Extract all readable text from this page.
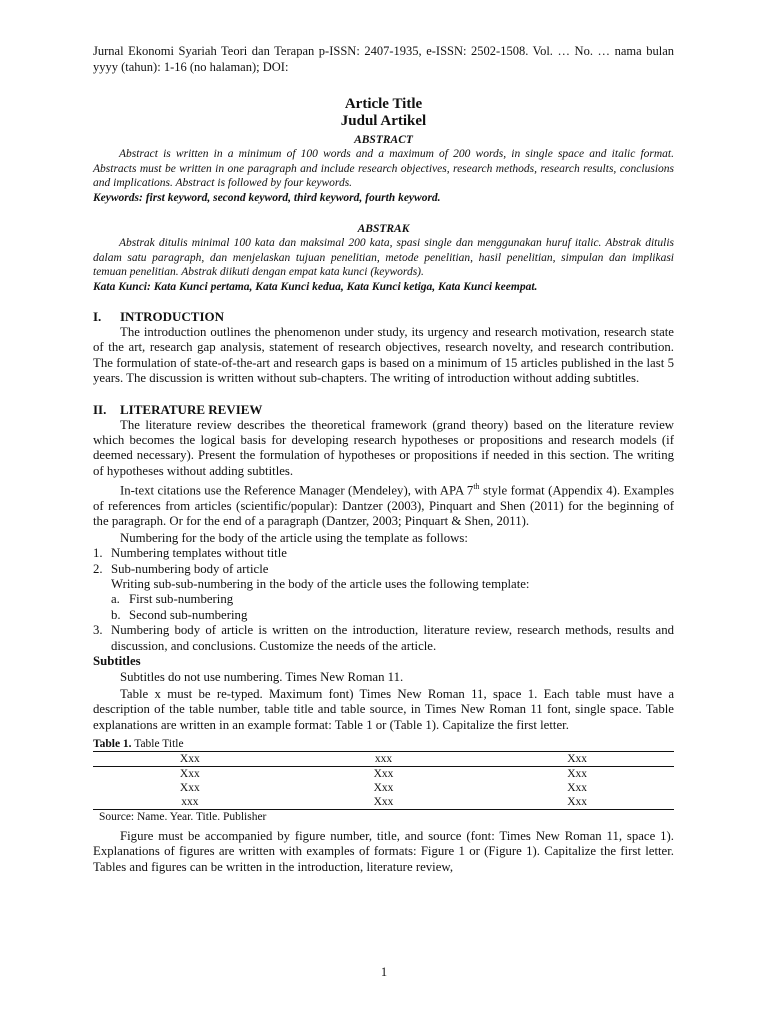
Jurnal Ekonomi Syariah Teori dan Terapan p-ISSN: 2407-1935, e-ISSN: 2502-1508. Vol. … No. … nama bulan yyyy (tahun): 1-16 (no halaman); DOI:

Article Title

Judul Artikel

ABSTRACT

Abstract is written in a minimum of 100 words and a maximum of 200 words, in single space and italic format. Abstracts must be written in one paragraph and include research objectives, research methods, research results, conclusions and implications. Abstract is followed by four keywords.

Keywords: first keyword, second keyword, third keyword, fourth keyword.

ABSTRAK

Abstrak ditulis minimal 100 kata dan maksimal 200 kata, spasi single dan menggunakan huruf italic. Abstrak ditulis dalam satu paragraph, dan menjelaskan tujuan penelitian, metode penelitian, hasil penelitian, simpulan dan implikasi temuan penelitian. Abstrak diikuti dengan empat kata kunci (keywords).

Kata Kunci: Kata Kunci pertama, Kata Kunci kedua, Kata Kunci ketiga, Kata Kunci keempat.

I.	INTRODUCTION

The introduction outlines the phenomenon under study, its urgency and research motivation, research state of the art, research gap analysis, statement of research objectives, research novelty, and research contribution. The formulation of state-of-the-art and research gaps is based on a minimum of 15 articles published in the last 5 years. The discussion is written without sub-chapters. The writing of introduction without adding subtitles.

II.	LITERATURE REVIEW

The literature review describes the theoretical framework (grand theory) based on the literature review which becomes the logical basis for developing research hypotheses or propositions and research models (if deemed necessary). Present the formulation of hypotheses or propositions if needed in this section. The writing of hypotheses without adding subtitles.

In-text citations use the Reference Manager (Mendeley), with APA 7th style format (Appendix 4). Examples of references from articles (scientific/popular): Dantzer (2003), Pinquart and Shen (2011) for the beginning of the paragraph. Or for the end of a paragraph (Dantzer, 2003; Pinquart & Shen, 2011).

Numbering for the body of the article using the template as follows:

1. Numbering templates without title
2. Sub-numbering body of article

Writing sub-sub-numbering in the body of the article uses the following template:

a. First sub-numbering
b. Second sub-numbering
3. Numbering body of article is written on the introduction, literature review, research methods, results and discussion, and conclusions. Customize the needs of the article.

Subtitles

Subtitles do not use numbering. Times New Roman 11.

Table x must be re-typed. Maximum font) Times New Roman 11, space 1. Each table must have a description of the table number, table title and table source, in Times New Roman 11 font, single space. Table explanations are written in an example format: Table 1 or (Table 1). Capitalize the first letter.

Table 1. Table Title

Xxx	xxx	Xxx
Xxx	Xxx	Xxx
Xxx	Xxx	Xxx
xxx	Xxx	Xxx

Source: Name. Year. Title. Publisher

Figure must be accompanied by figure number, title, and source (font: Times New Roman 11, space 1). Explanations of figures are written with examples of formats: Figure 1 or (Figure 1). Capitalize the first letter. Tables and figures can be written in the introduction, literature review,

1
